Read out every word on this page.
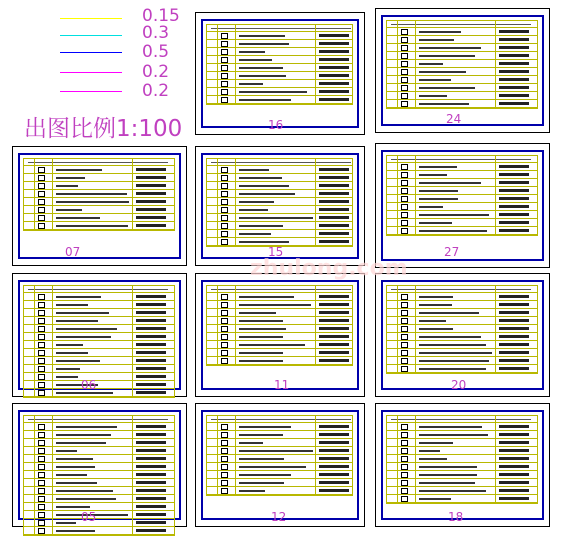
0.15
0.3
0.5
0.2
0.2
出图比例1:100	16	24
07	15	27
06	11	20
05	12	18
zhulong.com
